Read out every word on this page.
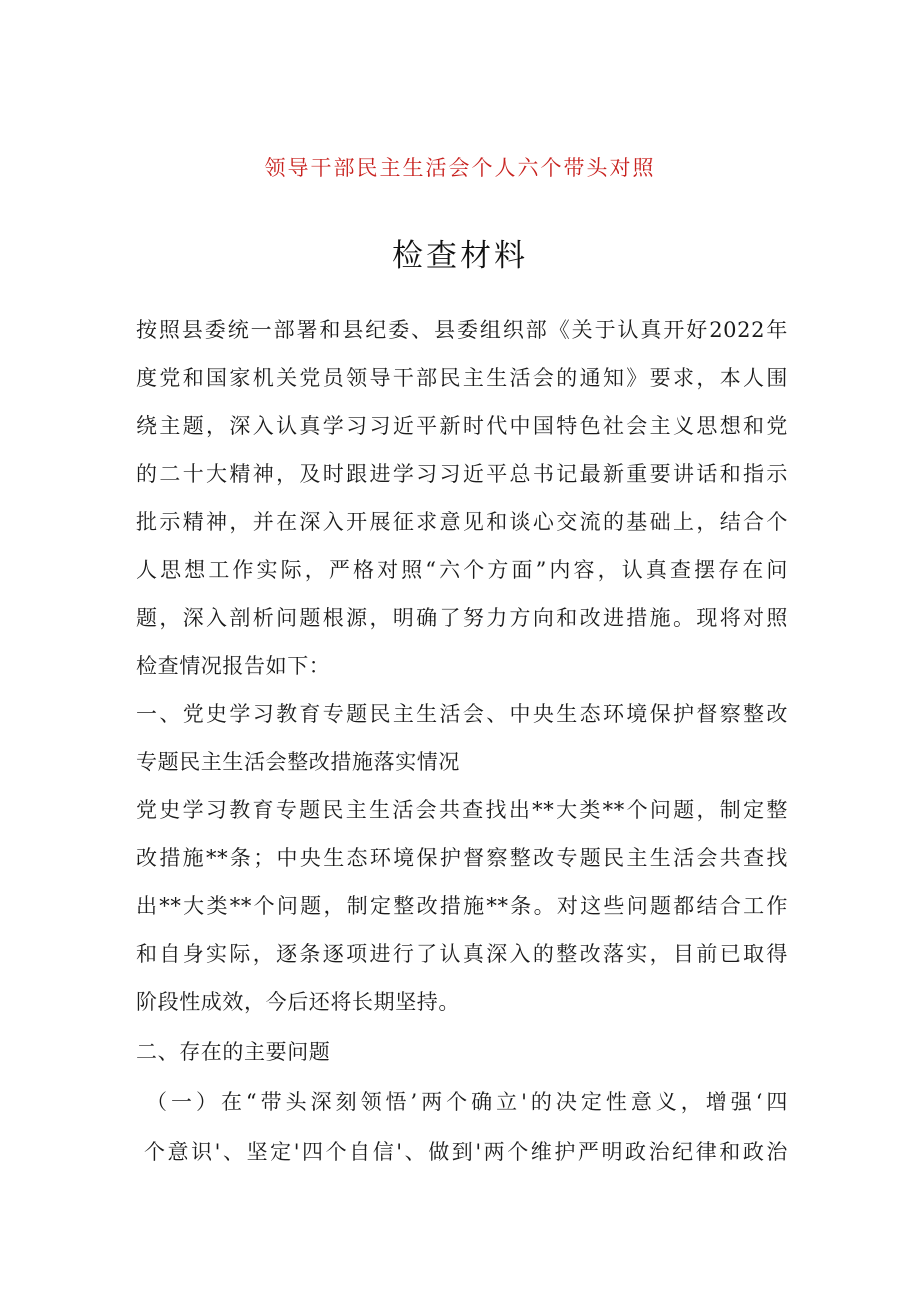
领导干部民主生活会个人六个带头对照
检查材料
按照县委统一部署和县纪委、县委组织部《关于认真开好2022年
度党和国家机关党员领导干部民主生活会的通知》要求，本人围
绕主题，深入认真学习习近平新时代中国特色社会主义思想和党
的二十大精神，及时跟进学习习近平总书记最新重要讲话和指示
批示精神，并在深入开展征求意见和谈心交流的基础上，结合个
人思想工作实际，严格对照“六个方面”内容，认真查摆存在问
题，深入剖析问题根源，明确了努力方向和改进措施。现将对照
检查情况报告如下：
一、党史学习教育专题民主生活会、中央生态环境保护督察整改
专题民主生活会整改措施落实情况
党史学习教育专题民主生活会共查找出**大类**个问题，制定整
改措施**条；中央生态环境保护督察整改专题民主生活会共查找
出**大类**个问题，制定整改措施**条。对这些问题都结合工作
和自身实际，逐条逐项进行了认真深入的整改落实，目前已取得
阶段性成效，今后还将长期坚持。
二、存在的主要问题
（一）在“带头深刻领悟’两个确立'的决定性意义，增强‘四
个意识'、坚定'四个自信'、做到'两个维护严明政治纪律和政治
